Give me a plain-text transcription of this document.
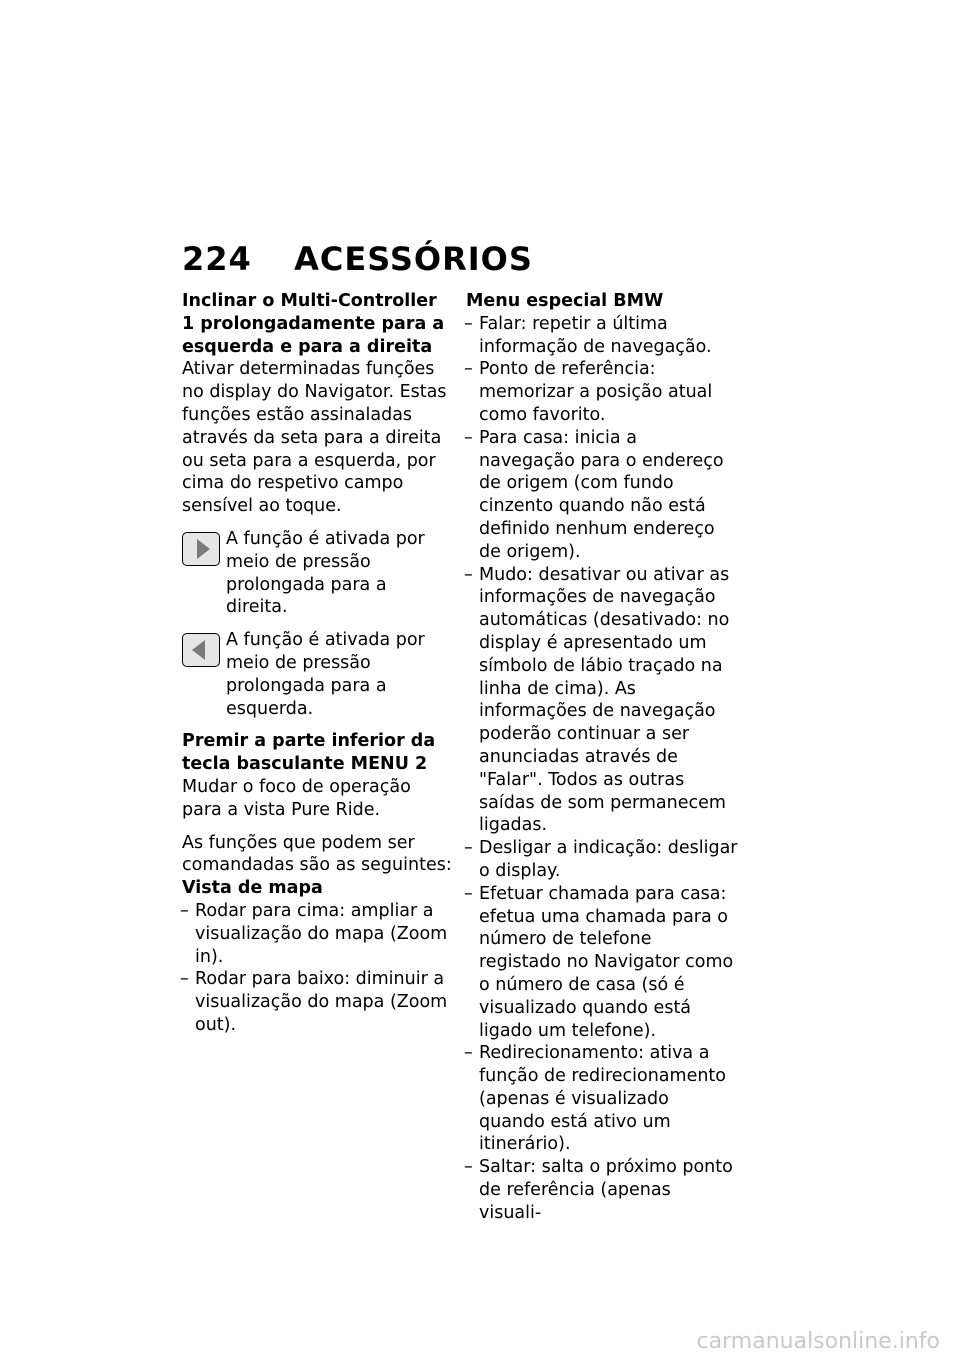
224 ACESSÓRIOS

Inclinar o Multi-Controller 1 prolongadamente para a esquerda e para a direita

Ativar determinadas funções no display do Navigator. Estas funções estão assinaladas através da seta para a direita ou seta para a esquerda, por cima do respetivo campo sensível ao toque.

A função é ativada por meio de pressão prolongada para a direita.
A função é ativada por meio de pressão prolongada para a esquerda.

Premir a parte inferior da tecla basculante MENU 2

Mudar o foco de operação para a vista Pure Ride.

As funções que podem ser comandadas são as seguintes:

Vista de mapa

– Rodar para cima: ampliar a visualização do mapa (Zoom in).
– Rodar para baixo: diminuir a visualização do mapa (Zoom out).

Menu especial BMW

– Falar: repetir a última informação de navegação.
– Ponto de referência: memorizar a posição atual como favorito.
– Para casa: inicia a navegação para o endereço de origem (com fundo cinzento quando não está definido nenhum endereço de origem).
– Mudo: desativar ou ativar as informações de navegação automáticas (desativado: no display é apresentado um símbolo de lábio traçado na linha de cima). As informações de navegação poderão continuar a ser anunciadas através de "Falar". Todos as outras saídas de som permanecem ligadas.
– Desligar a indicação: desligar o display.
– Efetuar chamada para casa: efetua uma chamada para o número de telefone registado no Navigator como o número de casa (só é visualizado quando está ligado um telefone).
– Redirecionamento: ativa a função de redirecionamento (apenas é visualizado quando está ativo um itinerário).
– Saltar: salta o próximo ponto de referência (apenas visuali-
carmanualsonline.info
